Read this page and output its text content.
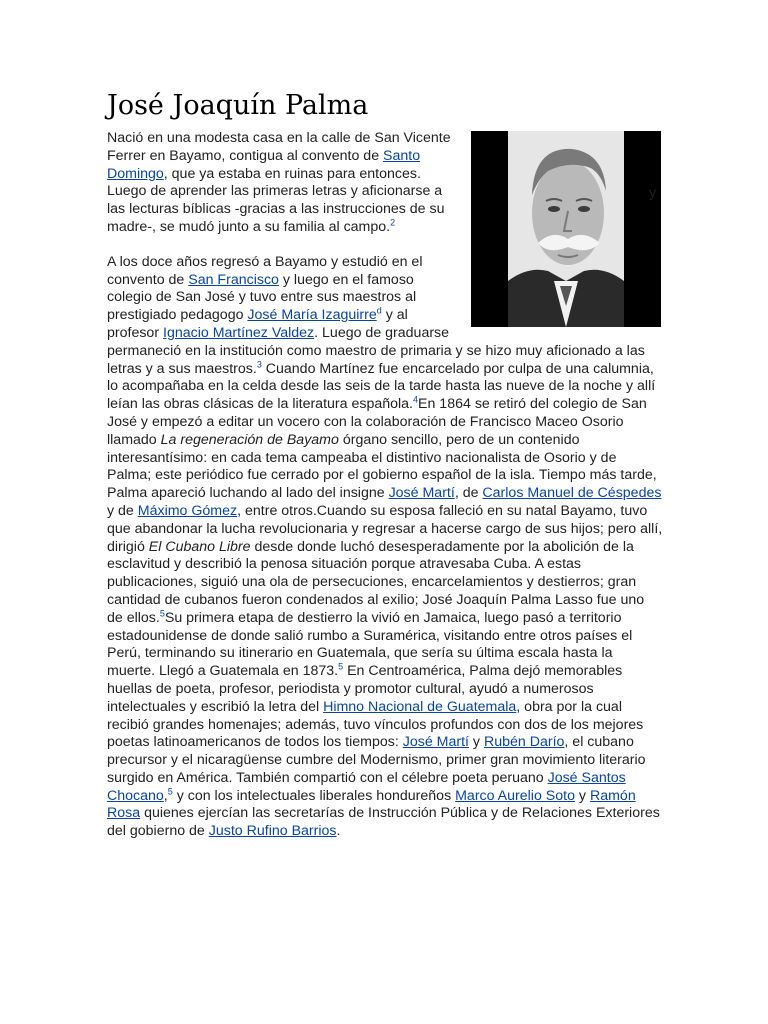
José Joaquín Palma
y

Nació en una modesta casa en la calle de San Vicente Ferrer en Bayamo, contigua al convento de Santo Domingo, que ya estaba en ruinas para entonces. Luego de aprender las primeras letras y aficionarse a las lecturas bíblicas -gracias a las instrucciones de su madre-, se mudó junto a su familia al campo.$^2$

A los doce años regresó a Bayamo y estudió en el convento de San Francisco y luego en el famoso colegio de San José y tuvo entre sus maestros al prestigiado pedagogo José María Izaguirre$^d$ y al profesor Ignacio Martínez Valdez. Luego de graduarse permaneció en la institución como maestro de primaria y se hizo muy aficionado a las letras y a sus maestros.$^3$ Cuando Martínez fue encarcelado por culpa de una calumnia, lo acompañaba en la celda desde las seis de la tarde hasta las nueve de la noche y allí leían las obras clásicas de la literatura española.$^4$En 1864 se retiró del colegio de San José y empezó a editar un vocero con la colaboración de Francisco Maceo Osorio llamado La regeneración de Bayamo órgano sencillo, pero de un contenido interesantísimo: en cada tema campeaba el distintivo nacionalista de Osorio y de Palma; este periódico fue cerrado por el gobierno español de la isla. Tiempo más tarde, Palma apareció luchando al lado del insigne José Martí, de Carlos Manuel de Céspedes y de Máximo Gómez, entre otros.Cuando su esposa falleció en su natal Bayamo, tuvo que abandonar la lucha revolucionaria y regresar a hacerse cargo de sus hijos; pero allí, dirigió El Cubano Libre desde donde luchó desesperadamente por la abolición de la esclavitud y describió la penosa situación porque atravesaba Cuba. A estas publicaciones, siguió una ola de persecuciones, encarcelamientos y destierros; gran cantidad de cubanos fueron condenados al exilio; José Joaquín Palma Lasso fue uno de ellos.$^5$Su primera etapa de destierro la vivió en Jamaica, luego pasó a territorio estadounidense de donde salió rumbo a Suramérica, visitando entre otros países el Perú, terminando su itinerario en Guatemala, que sería su última escala hasta la muerte. Llegó a Guatemala en 1873.$^5$ En Centroamérica, Palma dejó memorables huellas de poeta, profesor, periodista y promotor cultural, ayudó a numerosos intelectuales y escribió la letra del Himno Nacional de Guatemala, obra por la cual recibió grandes homenajes; además, tuvo vínculos profundos con dos de los mejores poetas latinoamericanos de todos los tiempos: José Martí y Rubén Darío, el cubano precursor y el nicaragüense cumbre del Modernismo, primer gran movimiento literario surgido en América. También compartió con el célebre poeta peruano José Santos Chocano,$^5$ y con los intelectuales liberales hondureños Marco Aurelio Soto y Ramón Rosa quienes ejercían las secretarías de Instrucción Pública y de Relaciones Exteriores del gobierno de Justo Rufino Barrios.
